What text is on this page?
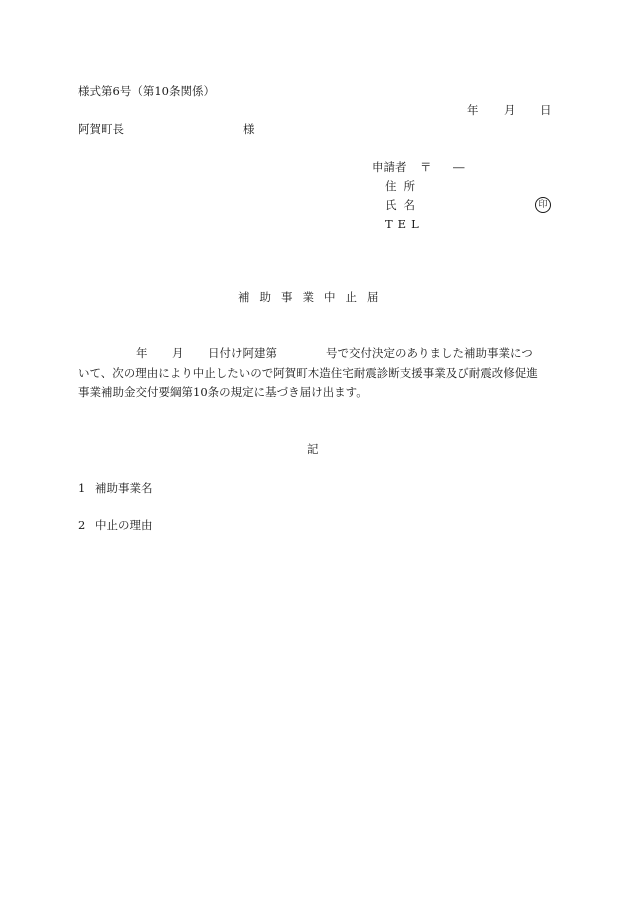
様式第6号（第10条関係）
年 月 日
阿賀町長	様
申請者 〒 ―
住所
氏名	印
TEL
補助事業中止届
年 月 日付け阿建第	号で交付決定のありました補助事業につ
いて、次の理由により中止したいので阿賀町木造住宅耐震診断支援事業及び耐震改修促進
事業補助金交付要綱第10条の規定に基づき届け出ます。
記
1 補助事業名
2 中止の理由
